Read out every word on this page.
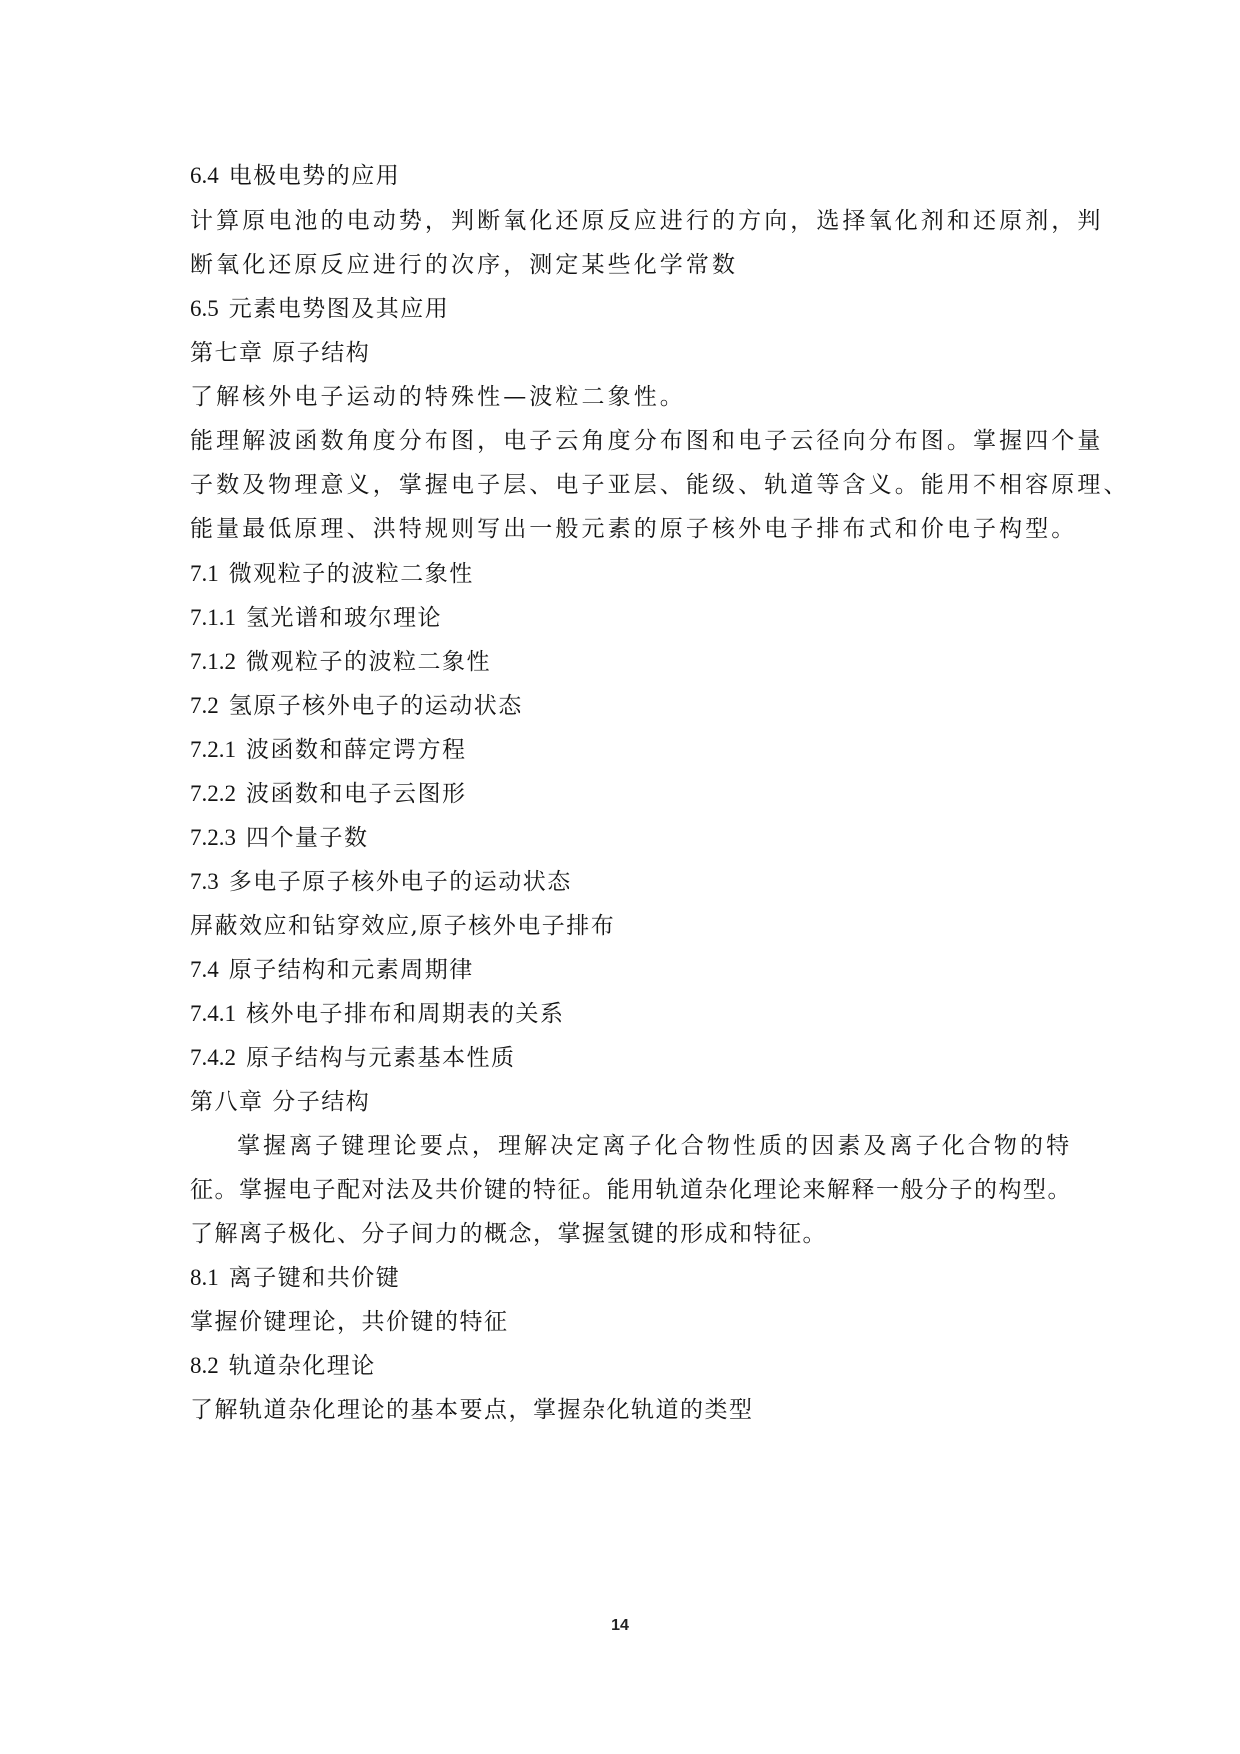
6.4 电极电势的应用
计算原电池的电动势，判断氧化还原反应进行的方向，选择氧化剂和还原剂，判
断氧化还原反应进行的次序，测定某些化学常数
6.5 元素电势图及其应用
第七章 原子结构
了解核外电子运动的特殊性—波粒二象性。
能理解波函数角度分布图，电子云角度分布图和电子云径向分布图。掌握四个量
子数及物理意义，掌握电子层、电子亚层、能级、轨道等含义。能用不相容原理、
能量最低原理、洪特规则写出一般元素的原子核外电子排布式和价电子构型。
7.1 微观粒子的波粒二象性
7.1.1 氢光谱和玻尔理论
7.1.2 微观粒子的波粒二象性
7.2 氢原子核外电子的运动状态
7.2.1 波函数和薛定谔方程
7.2.2 波函数和电子云图形
7.2.3 四个量子数
7.3 多电子原子核外电子的运动状态
屏蔽效应和钻穿效应,原子核外电子排布
7.4 原子结构和元素周期律
7.4.1 核外电子排布和周期表的关系
7.4.2 原子结构与元素基本性质
第八章 分子结构
掌握离子键理论要点，理解决定离子化合物性质的因素及离子化合物的特
征。掌握电子配对法及共价键的特征。能用轨道杂化理论来解释一般分子的构型。
了解离子极化、分子间力的概念，掌握氢键的形成和特征。
8.1 离子键和共价键
掌握价键理论，共价键的特征
8.2 轨道杂化理论
了解轨道杂化理论的基本要点，掌握杂化轨道的类型
14
